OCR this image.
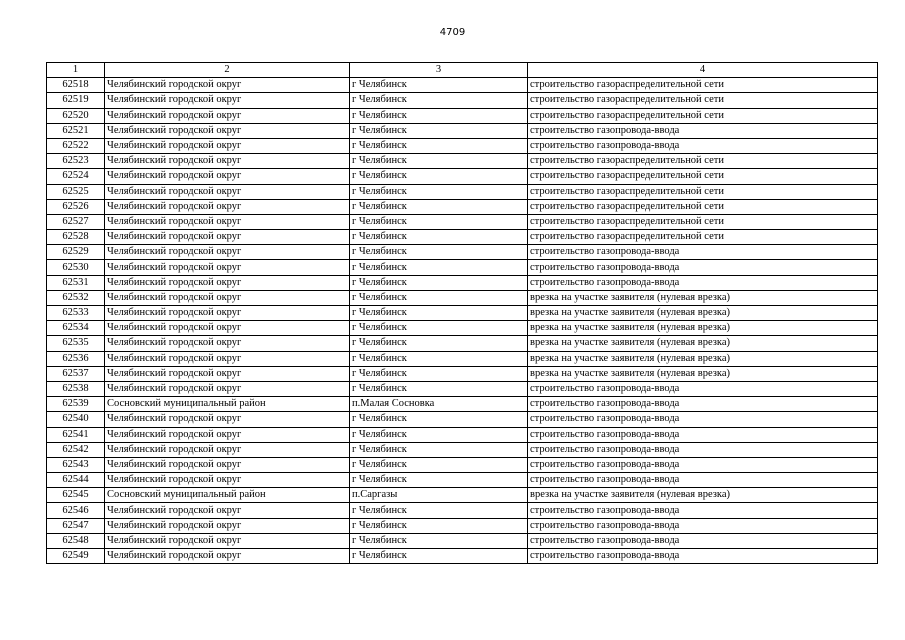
4709
1	2	3	4
62518	Челябинский городской округ	г Челябинск	строительство газораспределительной сети
62519	Челябинский городской округ	г Челябинск	строительство газораспределительной сети
62520	Челябинский городской округ	г Челябинск	строительство газораспределительной сети
62521	Челябинский городской округ	г Челябинск	строительство газопровода-ввода
62522	Челябинский городской округ	г Челябинск	строительство газопровода-ввода
62523	Челябинский городской округ	г Челябинск	строительство газораспределительной сети
62524	Челябинский городской округ	г Челябинск	строительство газораспределительной сети
62525	Челябинский городской округ	г Челябинск	строительство газораспределительной сети
62526	Челябинский городской округ	г Челябинск	строительство газораспределительной сети
62527	Челябинский городской округ	г Челябинск	строительство газораспределительной сети
62528	Челябинский городской округ	г Челябинск	строительство газораспределительной сети
62529	Челябинский городской округ	г Челябинск	строительство газопровода-ввода
62530	Челябинский городской округ	г Челябинск	строительство газопровода-ввода
62531	Челябинский городской округ	г Челябинск	строительство газопровода-ввода
62532	Челябинский городской округ	г Челябинск	врезка на участке заявителя (нулевая врезка)
62533	Челябинский городской округ	г Челябинск	врезка на участке заявителя (нулевая врезка)
62534	Челябинский городской округ	г Челябинск	врезка на участке заявителя (нулевая врезка)
62535	Челябинский городской округ	г Челябинск	врезка на участке заявителя (нулевая врезка)
62536	Челябинский городской округ	г Челябинск	врезка на участке заявителя (нулевая врезка)
62537	Челябинский городской округ	г Челябинск	врезка на участке заявителя (нулевая врезка)
62538	Челябинский городской округ	г Челябинск	строительство газопровода-ввода
62539	Сосновский муниципальный район	п.Малая Сосновка	строительство газопровода-ввода
62540	Челябинский городской округ	г Челябинск	строительство газопровода-ввода
62541	Челябинский городской округ	г Челябинск	строительство газопровода-ввода
62542	Челябинский городской округ	г Челябинск	строительство газопровода-ввода
62543	Челябинский городской округ	г Челябинск	строительство газопровода-ввода
62544	Челябинский городской округ	г Челябинск	строительство газопровода-ввода
62545	Сосновский муниципальный район	п.Саргазы	врезка на участке заявителя (нулевая врезка)
62546	Челябинский городской округ	г Челябинск	строительство газопровода-ввода
62547	Челябинский городской округ	г Челябинск	строительство газопровода-ввода
62548	Челябинский городской округ	г Челябинск	строительство газопровода-ввода
62549	Челябинский городской округ	г Челябинск	строительство газопровода-ввода
